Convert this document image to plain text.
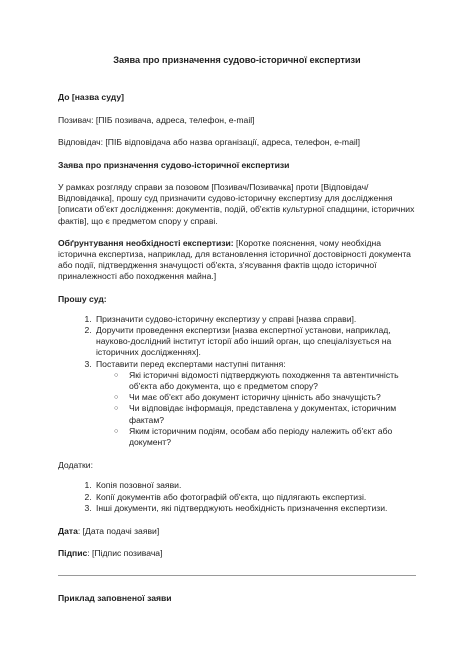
Заява про призначення судово-історичної експертизи

До [назва суду]

Позивач: [ПІБ позивача, адреса, телефон, e-mail]

Відповідач: [ПІБ відповідача або назва організації, адреса, телефон, e-mail]

Заява про призначення судово-історичної експертизи

У рамках розгляду справи за позовом [Позивач/Позивачка] проти [Відповідач/Відповідачка], прошу суд призначити судово-історичну експертизу для дослідження [описати об'єкт дослідження: документів, подій, об'єктів культурної спадщини, історичних фактів], що є предметом спору у справі.

Обґрунтування необхідності експертизи: [Коротке пояснення, чому необхідна історична експертиза, наприклад, для встановлення історичної достовірності документа або події, підтвердження значущості об'єкта, з'ясування фактів щодо історичної приналежності або походження майна.]

Прошу суд:

1. Призначити судово-історичну експертизу у справі [назва справи].
2. Доручити проведення експертизи [назва експертної установи, наприклад, науково-дослідний інститут історії або інший орган, що спеціалізується на історичних дослідженнях].
3. Поставити перед експертами наступні питання:
○ Які історичні відомості підтверджують походження та автентичність об'єкта або документа, що є предметом спору?
○ Чи має об'єкт або документ історичну цінність або значущість?
○ Чи відповідає інформація, представлена у документах, історичним фактам?
○ Яким історичним подіям, особам або періоду належить об'єкт або документ?

Додатки:

1. Копія позовної заяви.
2. Копії документів або фотографій об'єкта, що підлягають експертизі.
3. Інші документи, які підтверджують необхідність призначення експертизи.

Дата: [Дата подачі заяви]

Підпис: [Підпис позивача]

Приклад заповненої заяви
